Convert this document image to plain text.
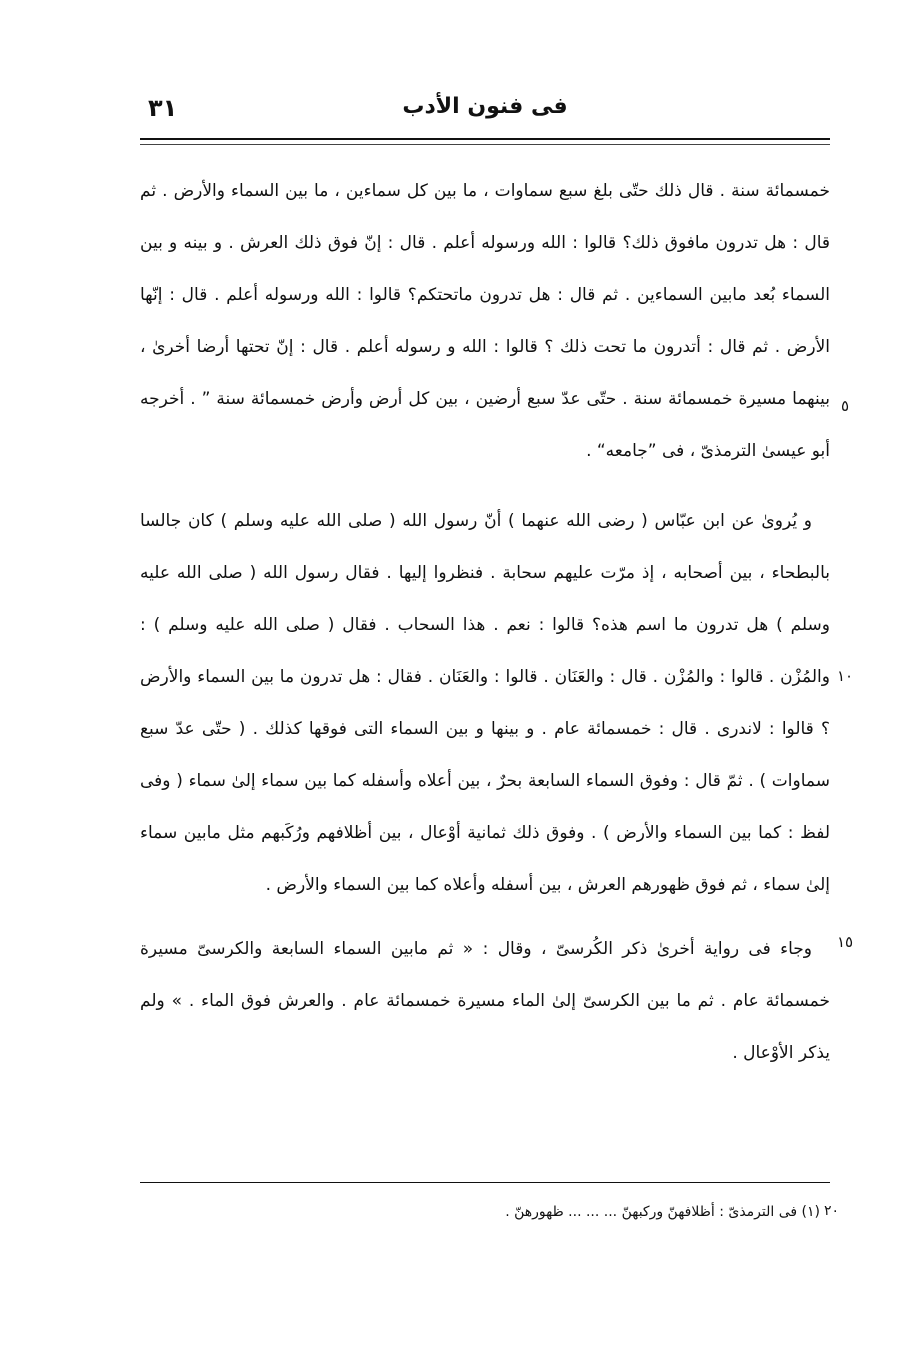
٣١	فى فنون الأدب

خمسمائة سنة . قال ذلك حتّى بلغ سبع سماوات ، ما بين كل سماءين ، ما بين السماء والأرض . ثم قال : هل تدرون مافوق ذلك؟ قالوا : الله ورسوله أعلم . قال : إنّ فوق ذلك العرش . و بينه و بين السماء بُعد مابين السماءين . ثم قال : هل تدرون ماتحتكم؟ قالوا : الله ورسوله أعلم . قال : إنّها الأرض . ثم قال : أتدرون ما تحت ذلك ؟ قالوا : الله و رسوله أعلم . قال : إنّ تحتها أرضا أخرىٰ ، بينهما مسيرة خمسمائة سنة . حتّى عدّ سبع أرضين ، بين كل أرض وأرض خمسمائة سنة ” . أخرجه أبو عيسىٰ الترمذىّ ، فى ”جامعه“ .

و يُروىٰ عن ابن عبّاس ( رضى الله عنهما ) أنّ رسول الله ( صلى الله عليه وسلم ) كان جالسا بالبطحاء ، بين أصحابه ، إذ مرّت عليهم سحابة . فنظروا إليها . فقال رسول الله ( صلى الله عليه وسلم ) هل تدرون ما اسم هذه؟ قالوا : نعم . هذا السحاب . فقال ( صلى الله عليه وسلم ) : والمُزْن . قالوا : والمُزْن . قال : والعَنَان . قالوا : والعَنَان . فقال : هل تدرون ما بين السماء والأرض ؟ قالوا : لاندرى . قال : خمسمائة عام . و بينها و بين السماء التى فوقها كذلك . ( حتّى عدّ سبع سماوات ) . ثمّ قال : وفوق السماء السابعة بحرٌ ، بين أعلاه وأسفله كما بين سماء إلىٰ سماء ( وفى لفظ : كما بين السماء والأرض ) . وفوق ذلك ثمانية أوْعال ، بين أظلافهم ورُكَبهم مثل مابين سماء إلىٰ سماء ، ثم فوق ظهورهم العرش ، بين أسفله وأعلاه كما بين السماء والأرض .

وجاء فى رواية أخرىٰ ذكر الكُرسىّ ، وقال : « ثم مابين السماء السابعة والكرسىّ مسيرة خمسمائة عام . ثم ما بين الكرسىّ إلىٰ الماء مسيرة خمسمائة عام . والعرش فوق الماء . » ولم يذكر الأوْعال .

٥
١٠
١٥
٢٠
(١) فى الترمذىّ : أظلافهنّ وركبهنّ ... ... ... ظهورهنّ .
